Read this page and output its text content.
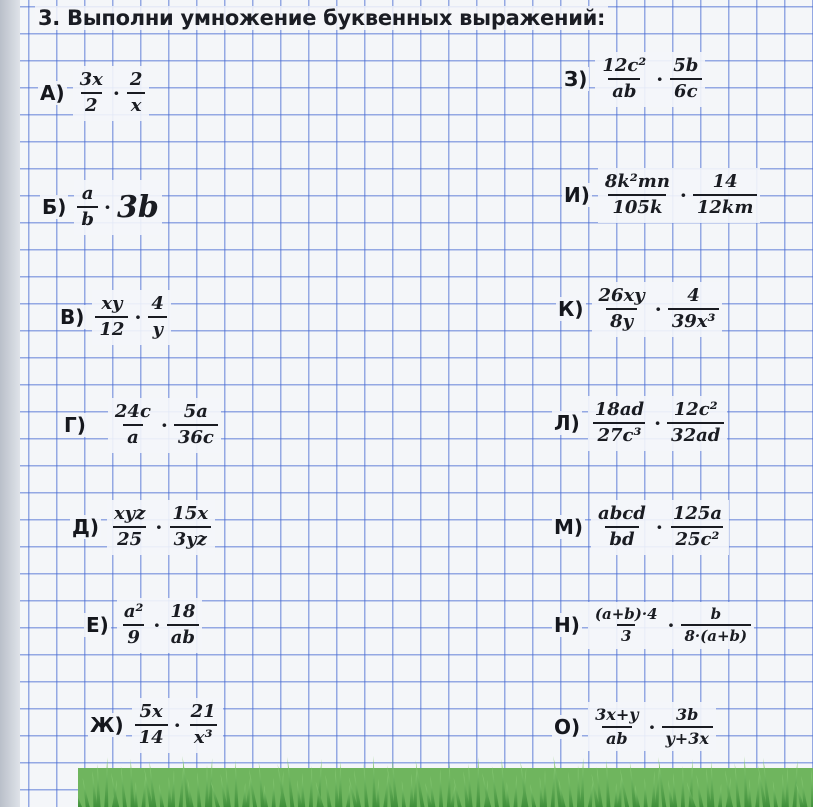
3. Выполни умножение буквенных выражений:
$А) \frac{3x}{2} \cdot \frac{2}{x}$
$Б) \frac{a}{b} \cdot 3b$
$В) \frac{xy}{12} \cdot \frac{4}{y}$
$Г) \frac{24c}{a} \cdot \frac{5a}{36c}$
$Д) \frac{\text{xyz}}{25} \cdot \frac{15x}{3yz}$
$Е) \frac{\text{a²}}{9} \cdot \frac{18}{ab}$
$Ж) \frac{5x}{14} \cdot \frac{21}{\text{x³}}$
$З) \frac{\text{12c²}}{ab} \cdot \frac{5b}{6c}$
$И) \frac{\text{8k²mn}}{105k} \cdot \frac{14}{12km}$
$К) \frac{26xy}{8y} \cdot \frac{4}{\text{39x³}}$
$Л) \frac{18ad}{\text{27c³}} \cdot \frac{\text{12c²}}{32ad}$
$М) \frac{\text{abcd}}{bd} \cdot \frac{125a}{\text{25c²}}$
$Н) \frac{(a+b)\cdot 4}{3} \cdot \frac{b}{8\cdot(a+b)}$
$О) \frac{3x+y}{ab} \cdot \frac{3b}{y+3x}$
